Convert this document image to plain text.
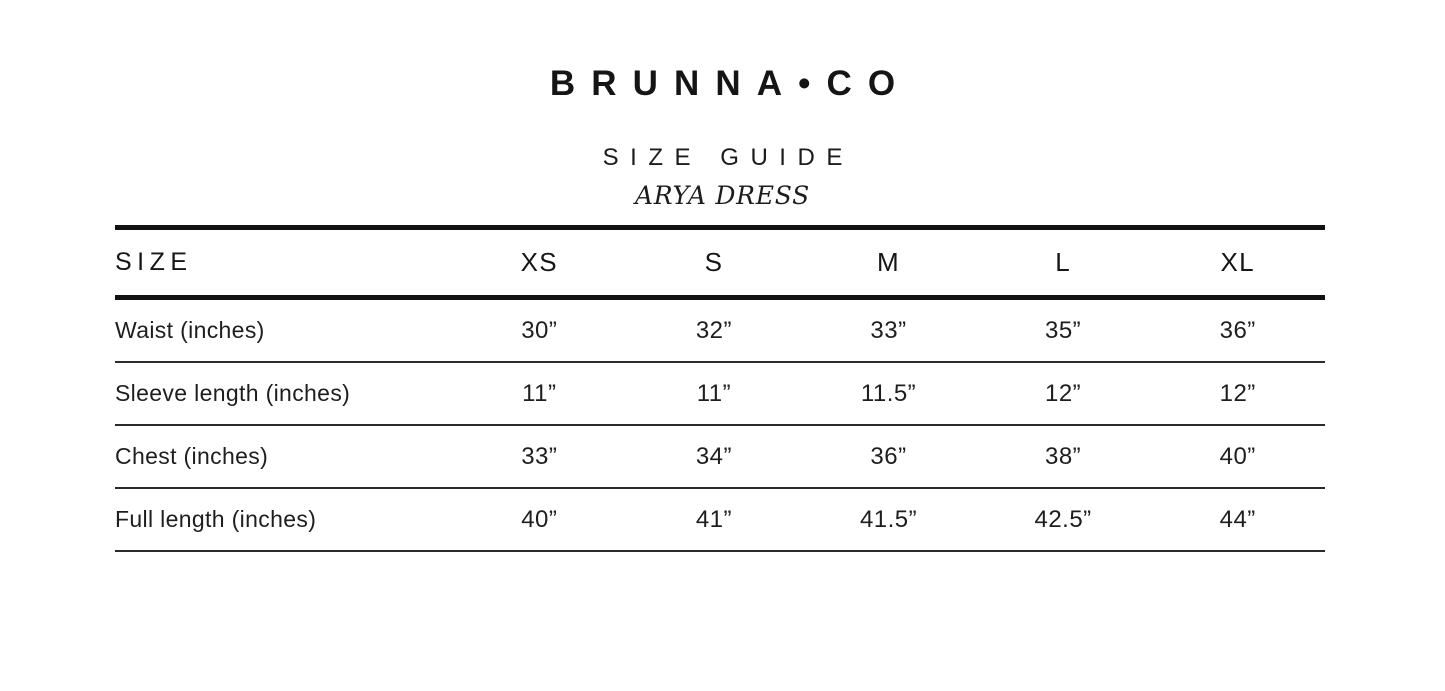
BRUNNA•CO
SIZE GUIDE
ARYA DRESS
SIZE	XS	S	M	L	XL
Waist (inches)	30”	32”	33”	35”	36”
Sleeve length (inches)	11”	11”	11.5”	12”	12”
Chest (inches)	33”	34”	36”	38”	40”
Full length (inches)	40”	41”	41.5”	42.5”	44”
